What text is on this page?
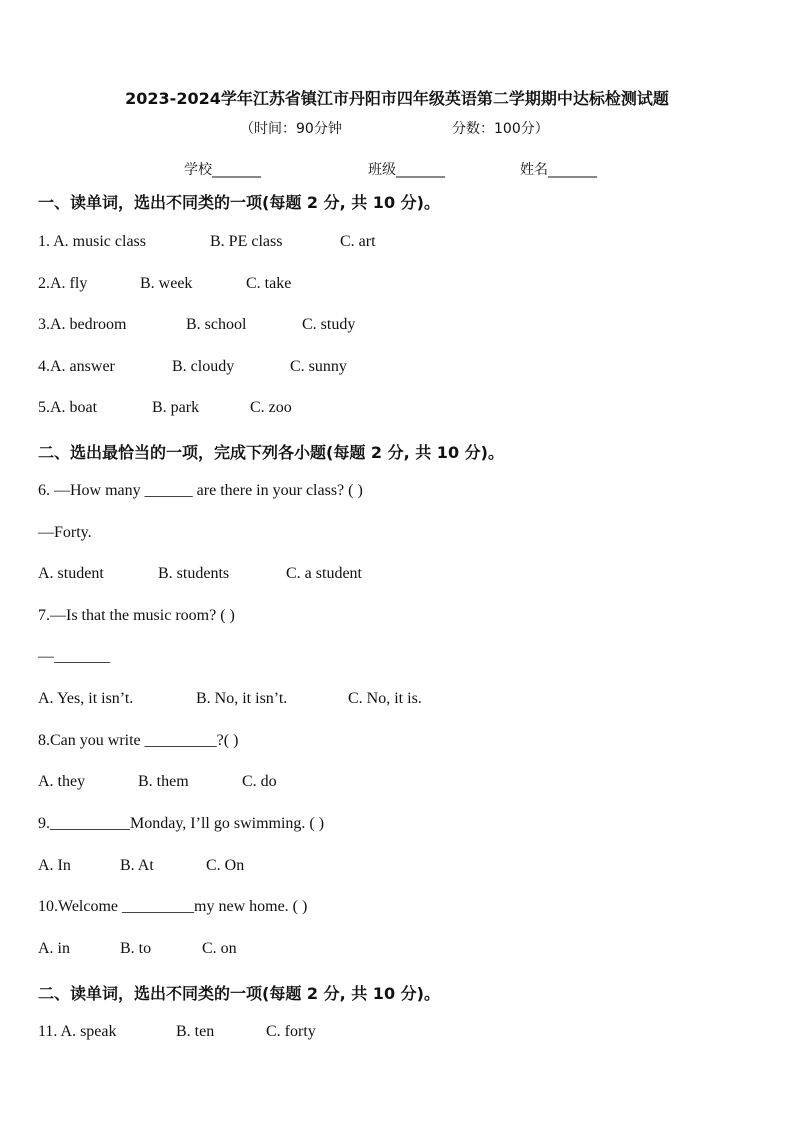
2023-2024学年江苏省镇江市丹阳市四年级英语第二学期期中达标检测试题
（时间：90分钟	分数：100分）
学校_______	班级_______	姓名_______
一、读单词，选出不同类的一项(每题 2 分, 共 10 分)。
1. A. music class	B. PE class	C. art
2.A. fly	B. week	C. take
3.A. bedroom	B. school	C. study
4.A. answer	B. cloudy	C. sunny
5.A. boat	B. park	C. zoo
二、选出最恰当的一项，完成下列各小题(每题 2 分, 共 10 分)。
6. —How many ______ are there in your class? ( )
—Forty.
A. student	B. students	C. a student
7.—Is that the music room? ( )
—_______
A. Yes, it isn’t.	B. No, it isn’t.	C. No, it is.
8.Can you write _________?( )
A. they	B. them	C. do
9.__________Monday, I’ll go swimming. ( )
A. In	B. At	C. On
10.Welcome _________my new home. ( )
A. in	B. to	C. on
二、读单词，选出不同类的一项(每题 2 分, 共 10 分)。
11. A. speak	B. ten	C. forty
